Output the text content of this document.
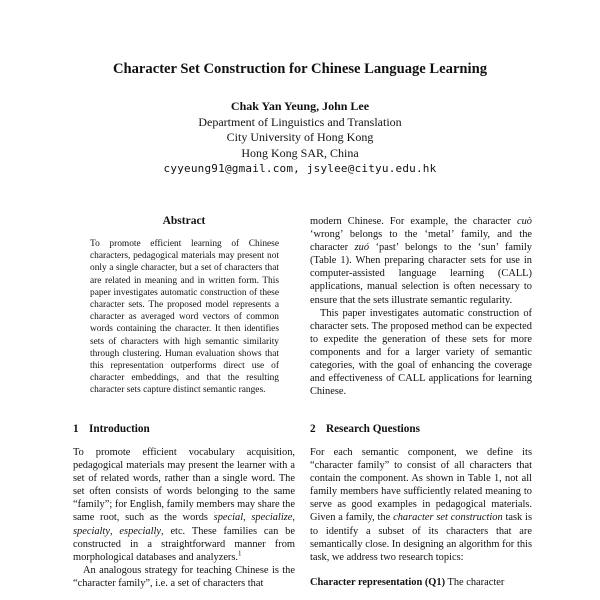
Character Set Construction for Chinese Language Learning
Chak Yan Yeung, John Lee
Department of Linguistics and Translation
City University of Hong Kong
Hong Kong SAR, China
cyyeung91@gmail.com, jsylee@cityu.edu.hk
Abstract
To promote efficient learning of Chinese characters, pedagogical materials may present not only a single character, but a set of characters that are related in meaning and in written form. This paper investigates automatic construction of these character sets. The proposed model represents a character as averaged word vectors of common words containing the character. It then identifies sets of characters with high semantic similarity through clustering. Human evaluation shows that this representation outperforms direct use of character embeddings, and that the resulting character sets capture distinct semantic ranges.
1 Introduction

To promote efficient vocabulary acquisition, pedagogical materials may present the learner with a set of related words, rather than a single word. The set often consists of words belonging to the same “family”; for English, family members may share the same root, such as the words special, specialize, specialty, especially, etc. These families can be constructed in a straightforward manner from morphological databases and analyzers.$^1$

An analogous strategy for teaching Chinese is the “character family”, i.e. a set of characters that

modern Chinese. For example, the character cuò ‘wrong’ belongs to the ‘metal’ family, and the character zuó ‘past’ belongs to the ‘sun’ family (Table 1). When preparing character sets for use in computer-assisted language learning (CALL) applications, manual selection is often necessary to ensure that the sets illustrate semantic regularity.

This paper investigates automatic construction of character sets. The proposed method can be expected to expedite the generation of these sets for more components and for a larger variety of semantic categories, with the goal of enhancing the coverage and effectiveness of CALL applications for learning Chinese.

2 Research Questions

For each semantic component, we define its “character family” to consist of all characters that contain the component. As shown in Table 1, not all family members have sufficiently related meaning to serve as good examples in pedagogical materials. Given a family, the character set construction task is to identify a subset of its characters that are semantically close. In designing an algorithm for this task, we address two research topics:

Character representation (Q1) The character
